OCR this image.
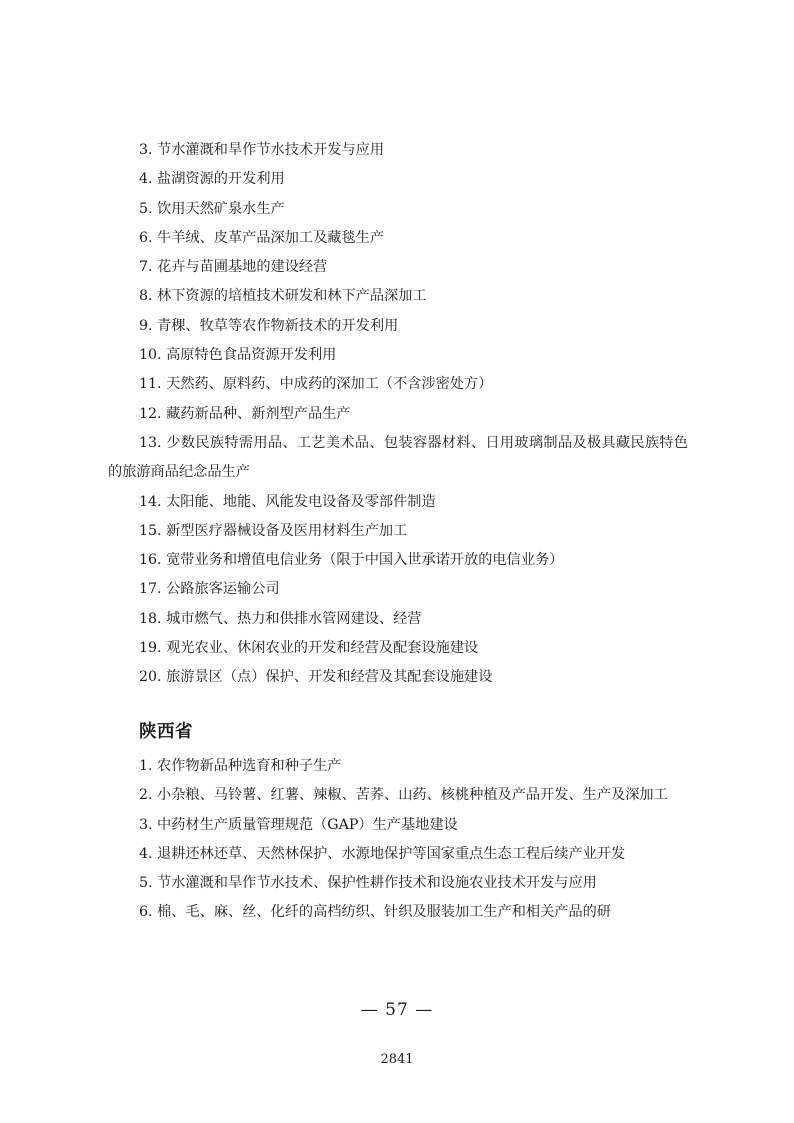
3. 节水灌溉和旱作节水技术开发与应用

4. 盐湖资源的开发利用

5. 饮用天然矿泉水生产

6. 牛羊绒、皮革产品深加工及藏毯生产

7. 花卉与苗圃基地的建设经营

8. 林下资源的培植技术研发和林下产品深加工

9. 青稞、牧草等农作物新技术的开发利用

10. 高原特色食品资源开发利用

11. 天然药、原料药、中成药的深加工（不含涉密处方）

12. 藏药新品种、新剂型产品生产

13. 少数民族特需用品、工艺美术品、包装容器材料、日用玻璃制品及极具藏民族特色的旅游商品纪念品生产

14. 太阳能、地能、风能发电设备及零部件制造

15. 新型医疗器械设备及医用材料生产加工

16. 宽带业务和增值电信业务（限于中国入世承诺开放的电信业务）

17. 公路旅客运输公司

18. 城市燃气、热力和供排水管网建设、经营

19. 观光农业、休闲农业的开发和经营及配套设施建设

20. 旅游景区（点）保护、开发和经营及其配套设施建设

陕西省

1. 农作物新品种选育和种子生产

2. 小杂粮、马铃薯、红薯、辣椒、苦荞、山药、核桃种植及产品开发、生产及深加工

3. 中药材生产质量管理规范（GAP）生产基地建设

4. 退耕还林还草、天然林保护、水源地保护等国家重点生态工程后续产业开发

5. 节水灌溉和旱作节水技术、保护性耕作技术和设施农业技术开发与应用

6. 棉、毛、麻、丝、化纤的高档纺织、针织及服装加工生产和相关产品的研

— 57 —
2841
